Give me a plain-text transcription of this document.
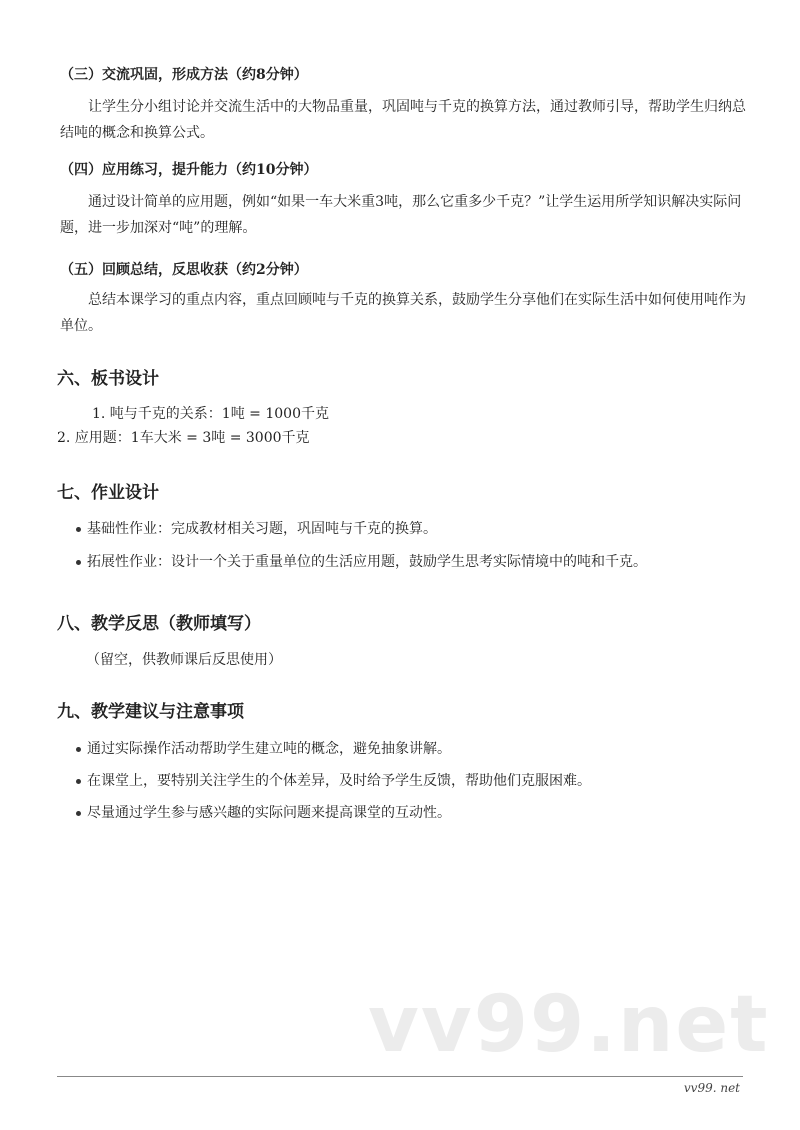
（三）交流巩固，形成方法（约8分钟）
让学生分小组讨论并交流生活中的大物品重量，巩固吨与千克的换算方法，通过教师引导，帮助学生归纳总结吨的概念和换算公式。
（四）应用练习，提升能力（约10分钟）
通过设计简单的应用题，例如“如果一车大米重3吨，那么它重多少千克？”让学生运用所学知识解决实际问题，进一步加深对“吨”的理解。
（五）回顾总结，反思收获（约2分钟）
总结本课学习的重点内容，重点回顾吨与千克的换算关系，鼓励学生分享他们在实际生活中如何使用吨作为单位。
六、板书设计
1. 吨与千克的关系：1吨 = 1000千克
2. 应用题：1车大米 = 3吨 = 3000千克
七、作业设计
基础性作业：完成教材相关习题，巩固吨与千克的换算。
拓展性作业：设计一个关于重量单位的生活应用题，鼓励学生思考实际情境中的吨和千克。
八、教学反思（教师填写）
（留空，供教师课后反思使用）
九、教学建议与注意事项
通过实际操作活动帮助学生建立吨的概念，避免抽象讲解。
在课堂上，要特别关注学生的个体差异，及时给予学生反馈，帮助他们克服困难。
尽量通过学生参与感兴趣的实际问题来提高课堂的互动性。
vv99.net
vv99. net
